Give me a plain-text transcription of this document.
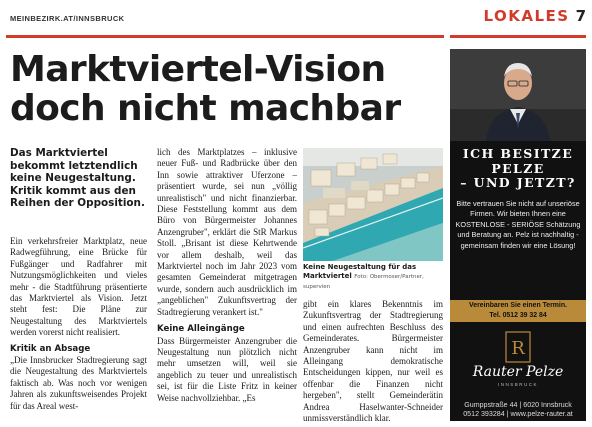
MEINBEZIRK.AT/INNSBRUCK	LOKALES 7
Marktviertel-Vision
doch nicht machbar
Das Marktviertel bekommt letztendlich keine Neugestaltung. Kritik kommt aus den Reihen der Opposition.
Ein verkehrsfreier Marktplatz, neue Radwegführung, eine Brücke für Fußgänger und Radfahrer mit Nutzungsmöglichkeiten und vieles mehr - die Stadtführung präsentierte das Marktviertel als Vision. Jetzt steht fest: Die Pläne zur Neugestaltung des Marktviertels werden vorerst nicht realisiert.
Kritik an Absage
„Die Innsbrucker Stadtregierung sagt die Neugestaltung des Marktviertels faktisch ab. Was noch vor wenigen Jahren als zukunftsweisendes Projekt für das Areal west-
lich des Marktplatzes – inklusive neuer Fuß- und Radbrücke über den Inn sowie attraktiver Uferzone – präsentiert wurde, sei nun „völlig unrealistisch" und nicht finanzierbar. Diese Feststellung kommt aus dem Büro von Bürgermeister Johannes Anzengruber", erklärt die StR Markus Stoll. „Brisant ist diese Kehrtwende vor allem deshalb, weil das Marktviertel noch im Jahr 2023 vom gesamten Gemeinderat mitgetragen wurde, sondern auch ausdrücklich im „angeblichen" Zukunftsvertrag der Stadtregierung verankert ist."
Keine Alleingänge
Dass Bürgermeister Anzengruber die Neugestaltung nun plötzlich nicht mehr umsetzen will, weil sie angeblich zu teuer und unrealistisch sei, ist für die Liste Fritz in keiner Weise nachvollziehbar. „Es
Keine Neugestaltung für das Marktviertel Foto: Obermoser/Partner, supervien
gibt ein klares Bekenntnis im Zukunftsvertrag der Stadtregierung und einen aufrechten Beschluss des Gemeinderates. Bürgermeister Anzengruber kann nicht im Alleingang demokratische Entscheidungen kippen, nur weil es offenbar die Finanzen nicht hergeben", stellt Gemeinderätin Andrea Haselwanter-Schneider unmissverständlich klar.
ICH BESITZE
PELZE
– UND JETZT?
Bitte vertrauen Sie nicht auf unseriöse Firmen. Wir bieten Ihnen eine KOSTENLOSE - SERIÖSE Schätzung und Beratung an. Pelz ist nachhaltig - gemeinsam finden wir eine Lösung!
Vereinbaren Sie einen Termin.
Tel. 0512 39 32 84
R
Rauter Pelze
INNSBRUCK
Gumppstraße 44 | 6020 Innsbruck
0512 393284 | www.pelze-rauter.at
